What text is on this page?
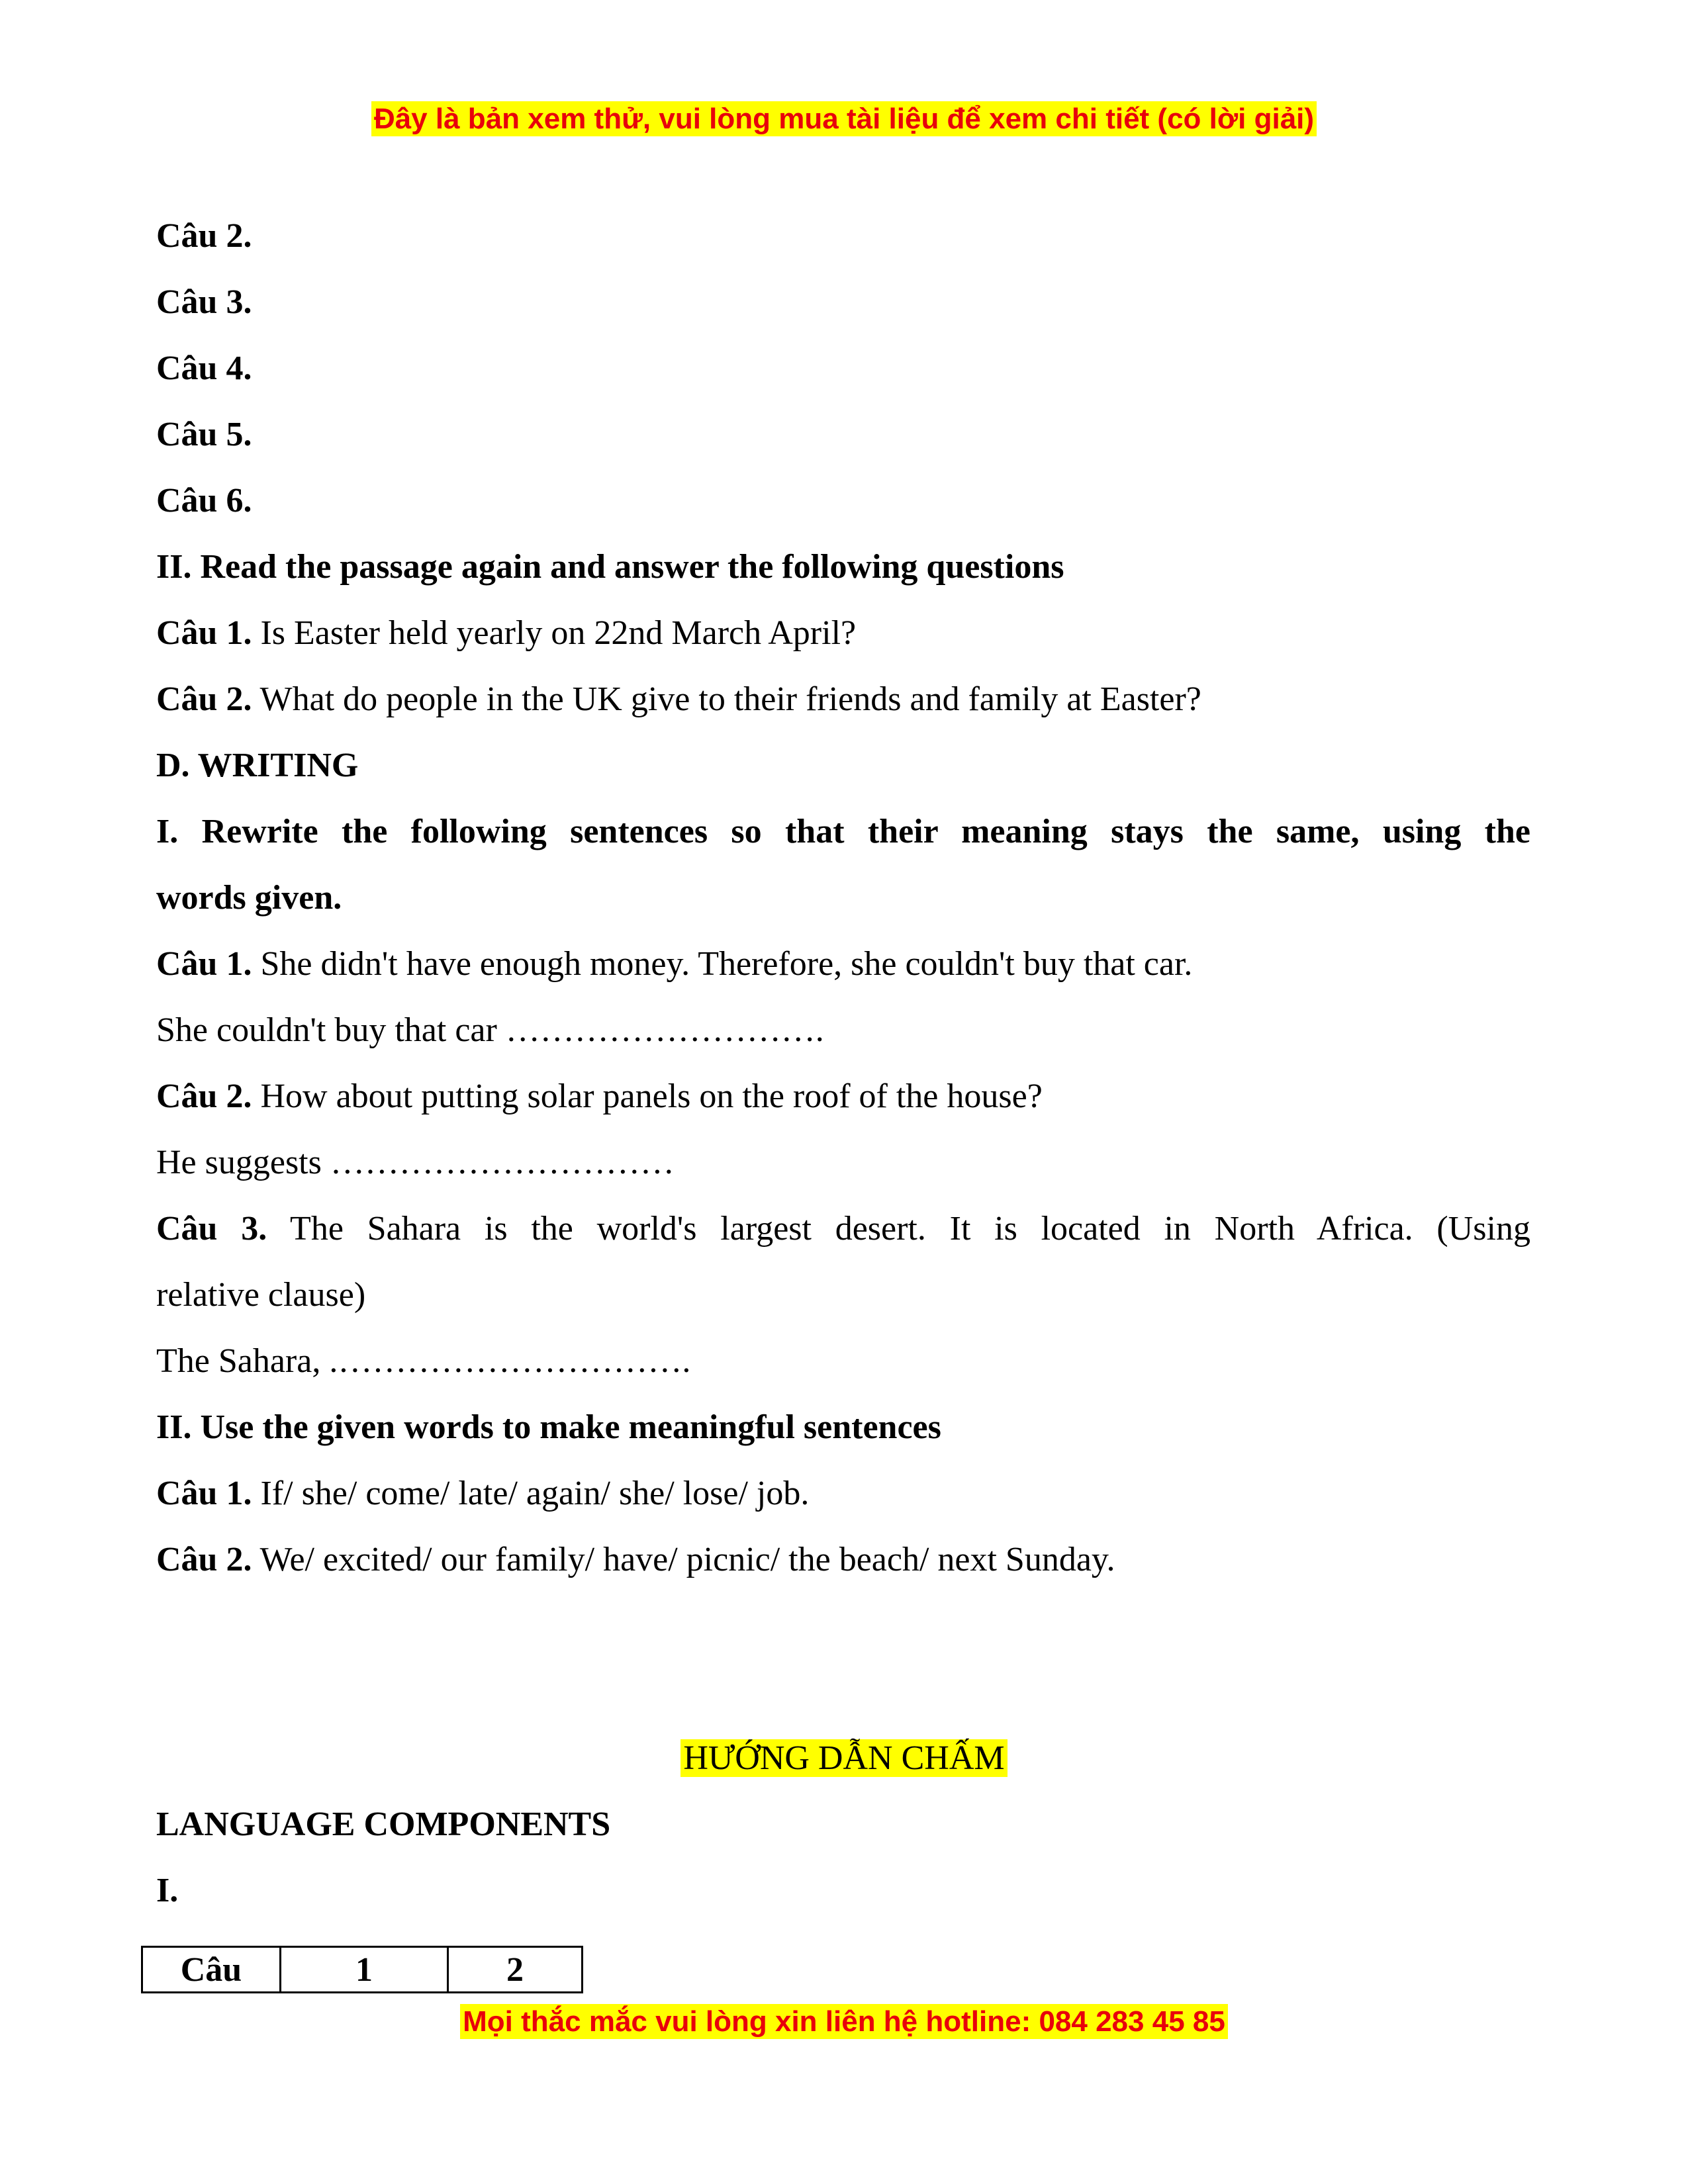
Đây là bản xem thử, vui lòng mua tài liệu để xem chi tiết (có lời giải)
Câu 2.
Câu 3.
Câu 4.
Câu 5.
Câu 6.
II. Read the passage again and answer the following questions
Câu 1. Is Easter held yearly on 22nd March April?
Câu 2. What do people in the UK give to their friends and family at Easter?
D. WRITING
I. Rewrite the following sentences so that their meaning stays the same, using the
words given.
Câu 1. She didn't have enough money. Therefore, she couldn't buy that car.
She couldn't buy that car ……………………….
Câu 2. How about putting solar panels on the roof of the house?
He suggests …………………………
Câu 3. The Sahara is the world's largest desert. It is located in North Africa. (Using
relative clause)
The Sahara, .………………………….
II. Use the given words to make meaningful sentences
Câu 1. If/ she/ come/ late/ again/ she/ lose/ job.
Câu 2. We/ excited/ our family/ have/ picnic/ the beach/ next Sunday.
HƯỚNG DẪN CHẤM
LANGUAGE COMPONENTS
I.
Câu	1	2
Mọi thắc mắc vui lòng xin liên hệ hotline: 084 283 45 85
